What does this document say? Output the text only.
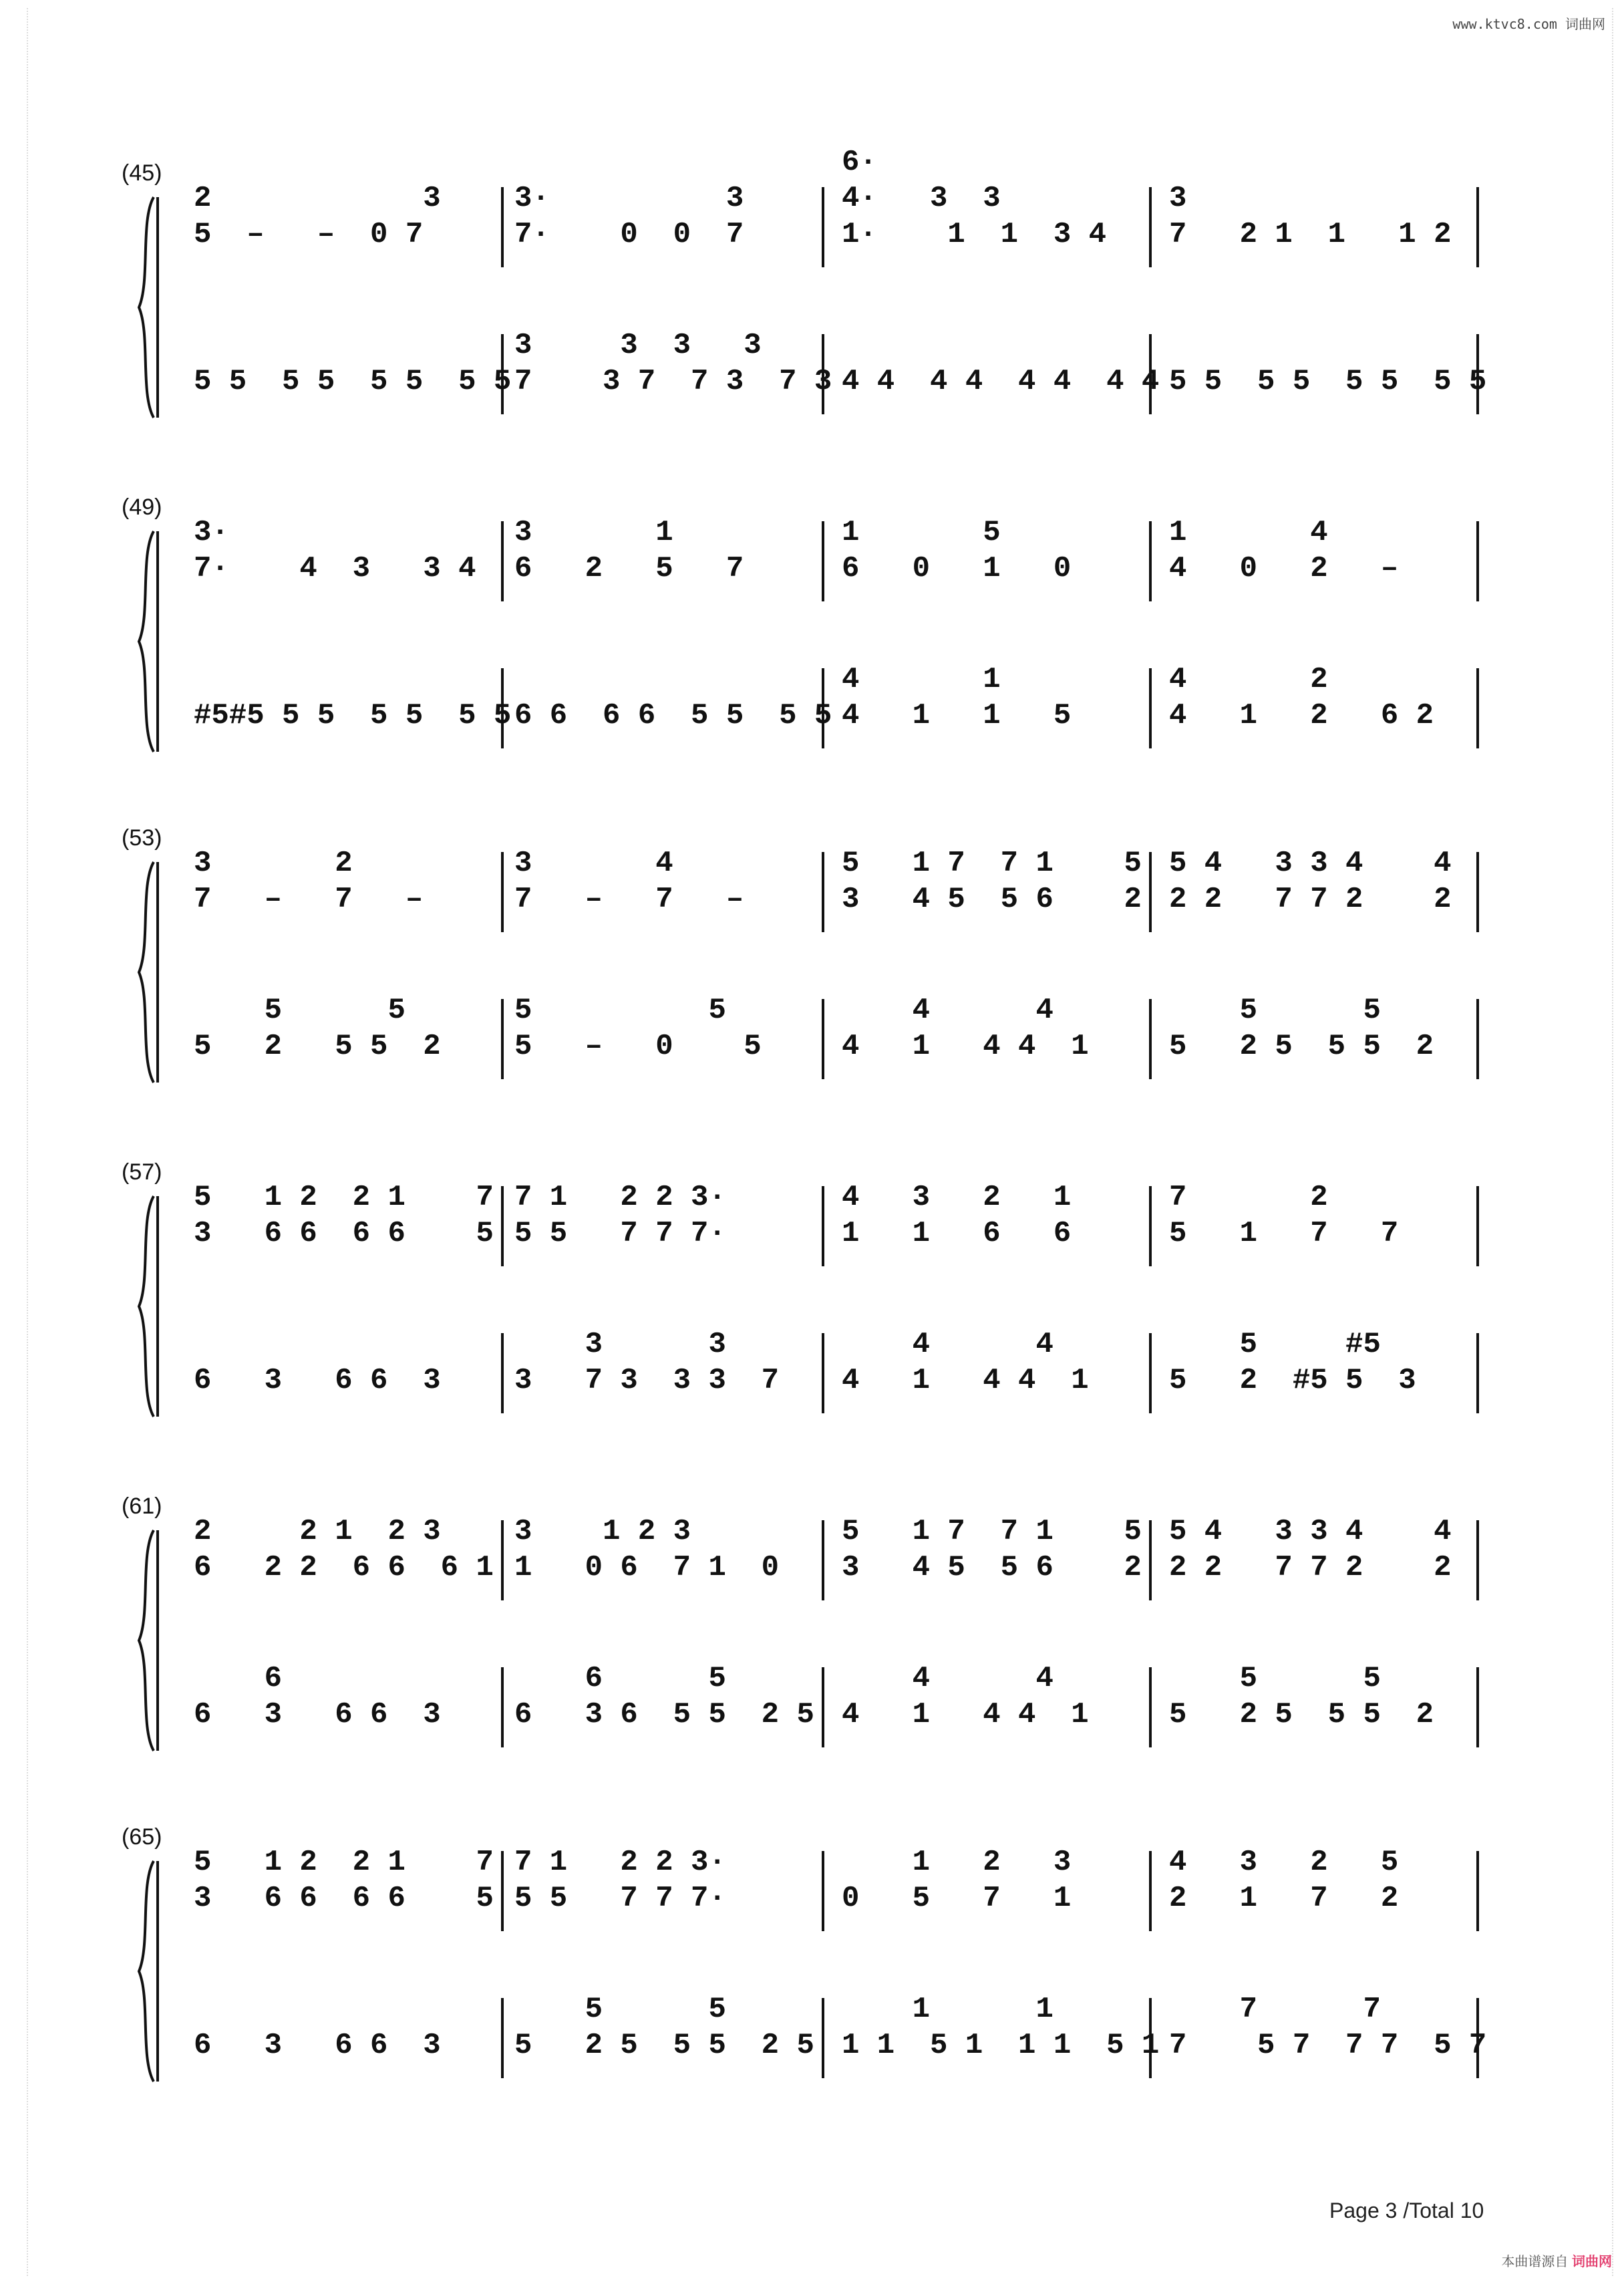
www.ktvc8.com 词曲网
(45)
2            3
5  –   –  0 7
3·          3
7·    0  0  7
6·
4·   3  3
1·    1  1  3 4
3
7   2 1  1   1 2
5 5  5 5  5 5  5 5
3     3  3   3
7    3 7  7 3  7 3 4 4  4 4  4 4  4 4 5 5  5 5  5 5  5 5
(49)
3·
7·    4  3   3 4
3       1
6   2   5   7
1       5
6   0   1   0
1       4
4   0   2   –
#5#5 5 5  5 5  5 5 6 6  6 6  5 5  5 5
4       1
4   1   1   5
4       2
4   1   2   6 2
(53)
3       2
7   –   7   –
3       4
7   –   7   –
5   1 7  7 1    5
3   4 5  5 6    2
5 4   3 3 4    4
2 2   7 7 2    2
5      5
5   2   5 5  2
5          5
5   –   0    5
4      4
4   1   4 4  1
5      5
5   2 5  5 5  2
(57)
5   1 2  2 1    7
3   6 6  6 6    5
7 1   2 2 3·
5 5   7 7 7·
4   3   2   1
1   1   6   6
7       2
5   1   7   7
6   3   6 6  3
3      3
3   7 3  3 3  7
4      4
4   1   4 4  1
5     #5
5   2  #5 5  3
(61)
2     2 1  2 3
6   2 2  6 6  6 1
3    1 2 3
1   0 6  7 1  0
5   1 7  7 1    5
3   4 5  5 6    2
5 4   3 3 4    4
2 2   7 7 2    2
6
6   3   6 6  3
6      5
6   3 6  5 5  2 5
4      4
4   1   4 4  1
5      5
5   2 5  5 5  2
(65)
5   1 2  2 1    7
3   6 6  6 6    5
7 1   2 2 3·
5 5   7 7 7·
1   2   3
0   5   7   1
4   3   2   5
2   1   7   2
6   3   6 6  3
5      5
5   2 5  5 5  2 5
1      1
1 1  5 1  1 1  5 1
7      7
7    5 7  7 7  5 7
Page 3 /Total 10
本曲谱源自 词曲网
